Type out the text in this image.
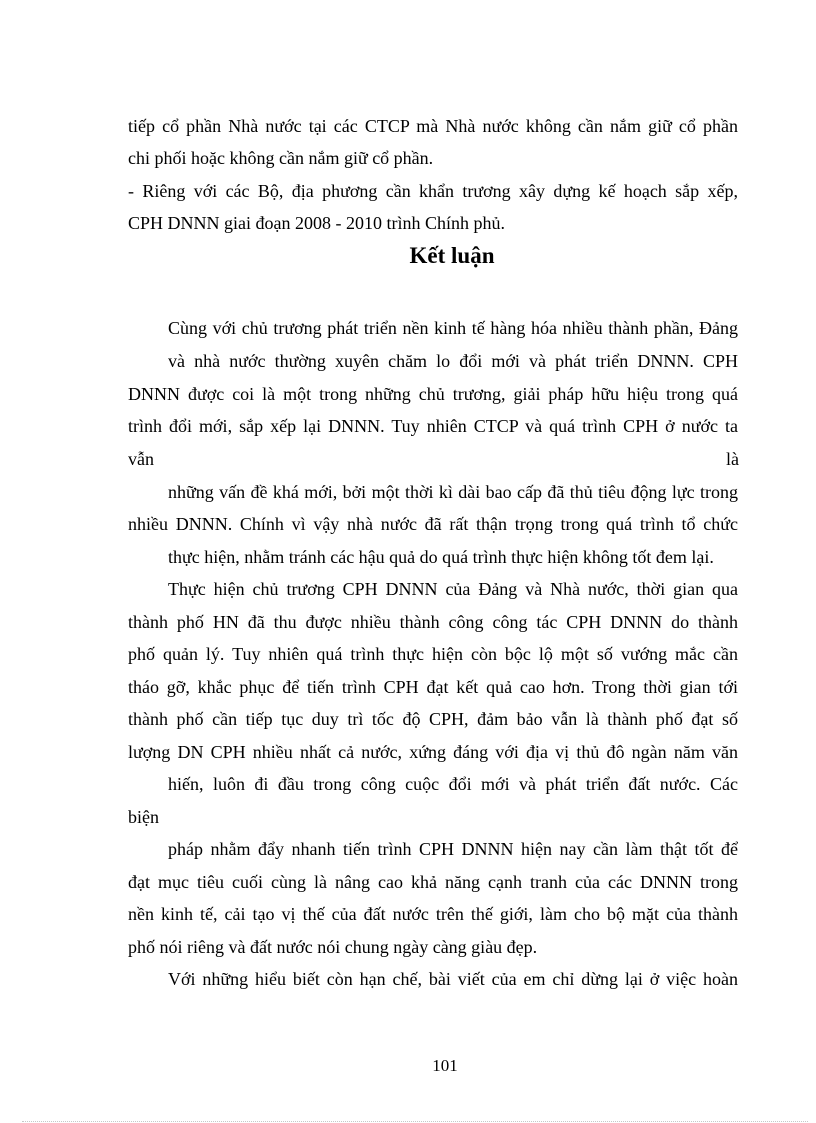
tiếp cổ phần Nhà nước tại các CTCP mà Nhà nước không cần nắm giữ cổ phần
chi phối hoặc không cần nắm giữ cổ phần.
- Riêng với các Bộ, địa phương cần khẩn trương xây dựng kế hoạch sắp xếp,
CPH DNNN giai đoạn 2008 - 2010 trình Chính phủ.
Kết luận
Cùng với chủ trương phát triển nền kinh tế hàng hóa nhiều thành phần, Đảng
và nhà nước thường xuyên chăm lo đổi mới và phát triển DNNN. CPH
DNNN được coi là một trong những chủ trương, giải pháp hữu hiệu trong quá
trình đổi mới, sắp xếp lại DNNN. Tuy nhiên CTCP và quá trình CPH ở nước ta
vẫn	là
những vấn đề khá mới, bởi một thời kì dài bao cấp đã thủ tiêu động lực trong
nhiều DNNN. Chính vì vậy nhà nước đã rất thận trọng trong quá trình tổ chức
thực hiện, nhằm tránh các hậu quả do quá trình thực hiện không tốt đem lại.
Thực hiện chủ trương CPH DNNN của Đảng và Nhà nước, thời gian qua
thành phố HN đã thu được nhiều thành công công tác CPH DNNN do thành
phố quản lý. Tuy nhiên quá trình thực hiện còn bộc lộ một số vướng mắc cần
tháo gỡ, khắc phục để tiến trình CPH đạt kết quả cao hơn. Trong thời gian tới
thành phố cần tiếp tục duy trì tốc độ CPH, đảm bảo vẫn là thành phố đạt số
lượng DN CPH nhiều nhất cả nước, xứng đáng với địa vị thủ đô ngàn năm văn
hiến, luôn đi đầu trong công cuộc đổi mới và phát triển đất nước. Các
biện
pháp nhằm đẩy nhanh tiến trình CPH DNNN hiện nay cần làm thật tốt để
đạt mục tiêu cuối cùng là nâng cao khả năng cạnh tranh của các DNNN trong
nền kinh tế, cải tạo vị thế của đất nước trên thế giới, làm cho bộ mặt của thành
phố nói riêng và đất nước nói chung ngày càng giàu đẹp.
Với những hiểu biết còn hạn chế, bài viết của em chỉ dừng lại ở việc hoàn
101
